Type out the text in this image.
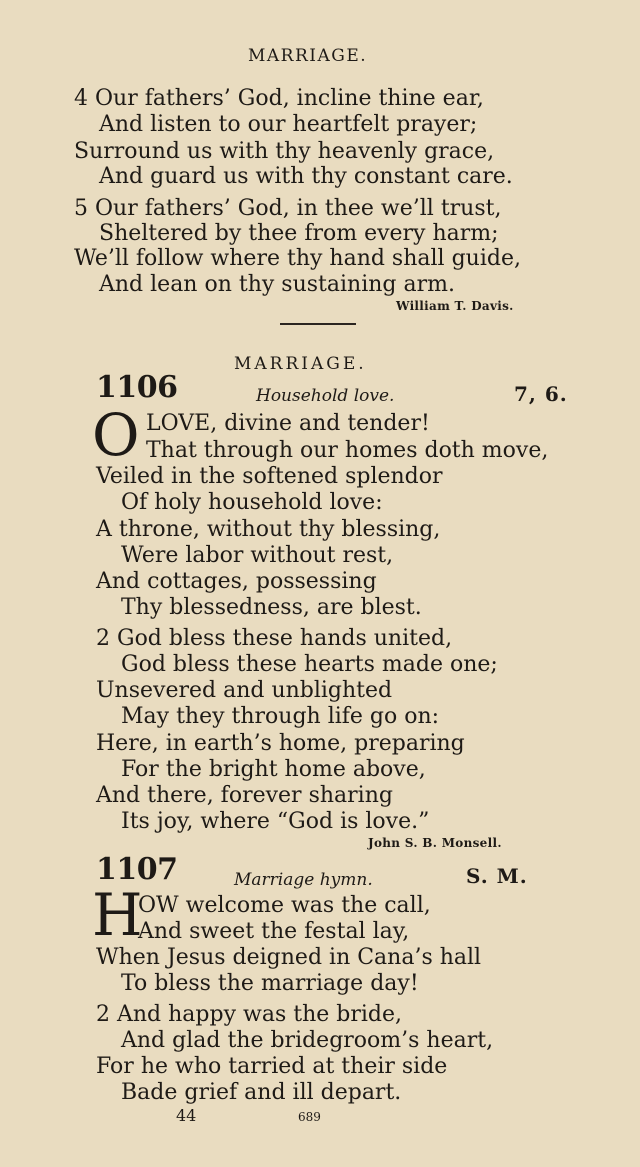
MARRIAGE.
4 Our fathers’ God, incline thine ear,
And listen to our heartfelt prayer;
Surround us with thy heavenly grace,
And guard us with thy constant care.
5 Our fathers’ God, in thee we’ll trust,
Sheltered by thee from every harm;
We’ll follow where thy hand shall guide,
And lean on thy sustaining arm.
William T. Davis.
MARRIAGE.
1106	Household love.	7, 6.
O LOVE, divine and tender!
That through our homes doth move,
Veiled in the softened splendor
Of holy household love:
A throne, without thy blessing,
Were labor without rest,
And cottages, possessing
Thy blessedness, are blest.
2 God bless these hands united,
God bless these hearts made one;
Unsevered and unblighted
May they through life go on:
Here, in earth’s home, preparing
For the bright home above,
And there, forever sharing
Its joy, where “God is love.”
John S. B. Monsell.
1107	Marriage hymn.	S. M.
H
OW welcome was the call,
And sweet the festal lay,
When Jesus deigned in Cana’s hall
To bless the marriage day!
2 And happy was the bride,
And glad the bridegroom’s heart,
For he who tarried at their side
Bade grief and ill depart.
44	689
